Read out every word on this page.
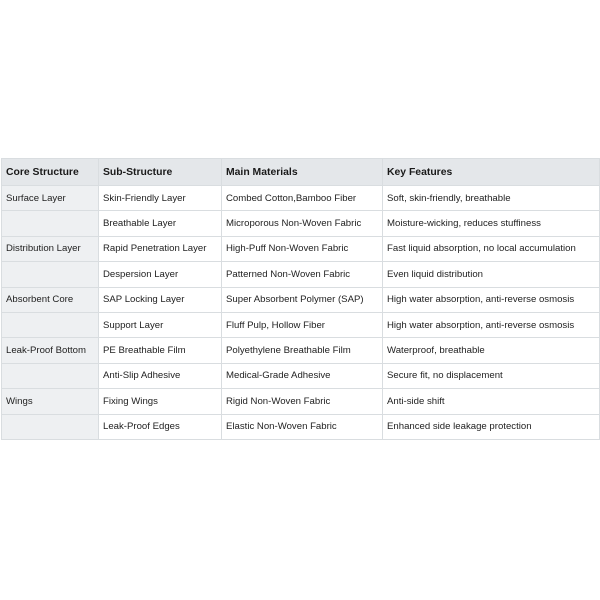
Core Structure	Sub-Structure	Main Materials	Key Features
Surface Layer	Skin-Friendly Layer	Combed Cotton,Bamboo Fiber	Soft, skin-friendly, breathable
	Breathable Layer	Microporous Non-Woven Fabric	Moisture-wicking, reduces stuffiness
Distribution Layer	Rapid Penetration Layer	High-Puff Non-Woven Fabric	Fast liquid absorption, no local accumulation
	Despersion Layer	Patterned Non-Woven Fabric	Even liquid distribution
Absorbent Core	SAP Locking Layer	Super Absorbent Polymer (SAP)	High water absorption, anti-reverse osmosis
	Support Layer	Fluff Pulp, Hollow Fiber	High water absorption, anti-reverse osmosis
Leak-Proof Bottom	PE Breathable Film	Polyethylene Breathable Film	Waterproof, breathable
	Anti-Slip Adhesive	Medical-Grade Adhesive	Secure fit, no displacement
Wings	Fixing Wings	Rigid Non-Woven Fabric	Anti-side shift
	Leak-Proof Edges	Elastic Non-Woven Fabric	Enhanced side leakage protection
